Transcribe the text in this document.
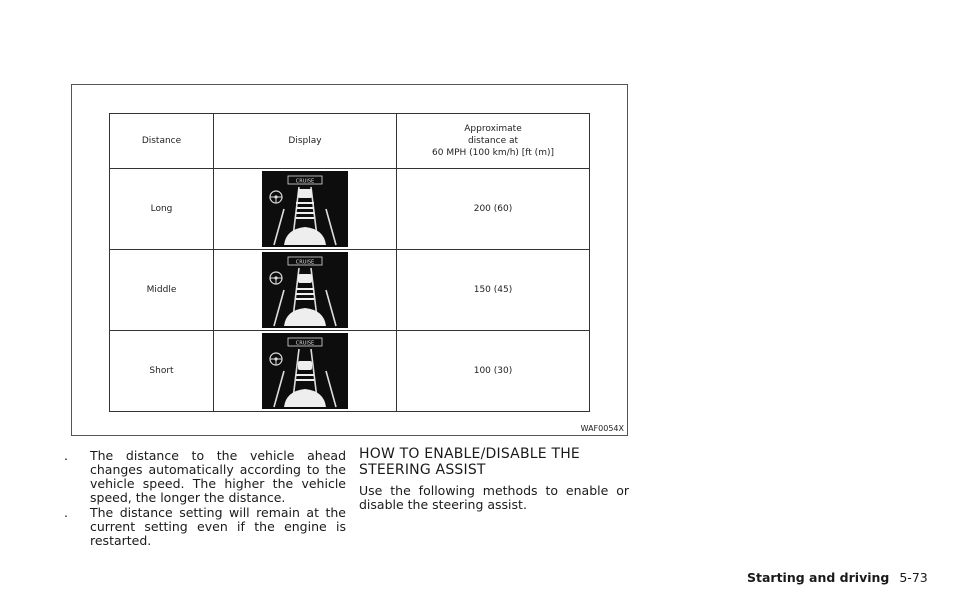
Distance	Display	Approximate
distance at
60 MPH (100 km/h) [ft (m)]
Long	CRUISE	200 (60)
Middle	CRUISE	150 (45)
Short	CRUISE	100 (30)
WAF0054X
. The distance to the vehicle ahead changes automatically according to the vehicle speed. The higher the vehicle speed, the longer the distance.
. The distance setting will remain at the current setting even if the engine is restarted.
HOW TO ENABLE/DISABLE THE STEERING ASSIST

Use the following methods to enable or disable the steering assist.

Starting and driving 5-73
